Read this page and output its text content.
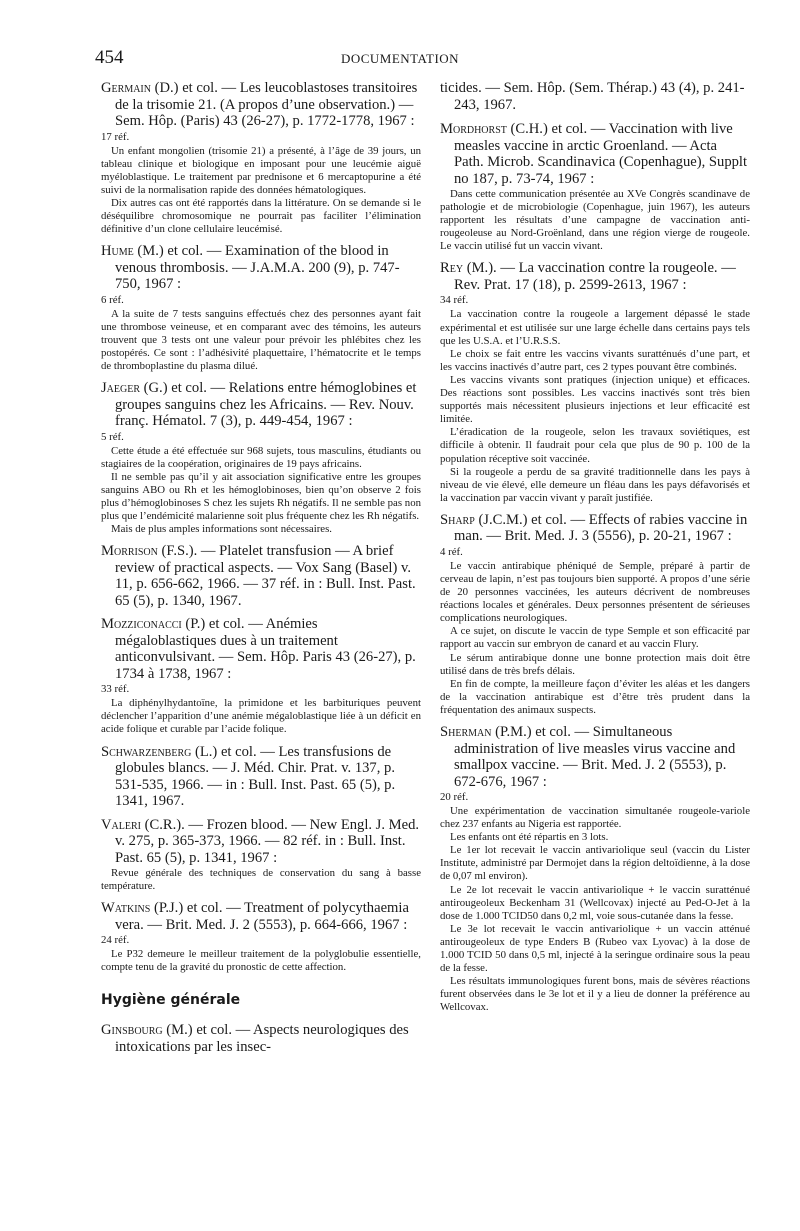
454	DOCUMENTATION

Germain (D.) et col. — Les leucoblastoses transitoires de la trisomie 21. (A propos d’une observation.) — Sem. Hôp. (Paris) 43 (26-27), p. 1772-1778, 1967 :

17 réf.

Un enfant mongolien (trisomie 21) a présenté, à l’âge de 39 jours, un tableau clinique et biologique en imposant pour une leucémie aiguë myéloblastique. Le traitement par prednisone et 6 mercaptopurine a été suivi de la normalisation rapide des données hématologiques.

Dix autres cas ont été rapportés dans la littérature. On se demande si le déséquilibre chromosomique ne pourrait pas faciliter l’élimination définitive d’un clone cellulaire leucémisé.

Hume (M.) et col. — Examination of the blood in venous thrombosis. — J.A.M.A. 200 (9), p. 747-750, 1967 :

6 réf.

A la suite de 7 tests sanguins effectués chez des personnes ayant fait une thrombose veineuse, et en comparant avec des témoins, les auteurs trouvent que 3 tests ont une valeur pour prévoir les phlébites chez les postopérés. Ce sont : l’adhésivité plaquettaire, l’hématocrite et le temps de thromboplastine du plasma dilué.

Jaeger (G.) et col. — Relations entre hémoglobines et groupes sanguins chez les Africains. — Rev. Nouv. franç. Hématol. 7 (3), p. 449-454, 1967 :

5 réf.

Cette étude a été effectuée sur 968 sujets, tous masculins, étudiants ou stagiaires de la coopération, originaires de 19 pays africains.

Il ne semble pas qu’il y ait association significative entre les groupes sanguins ABO ou Rh et les hémoglobinoses, bien qu’on observe 2 fois plus d’hémoglobinoses S chez les sujets Rh négatifs. Il ne semble pas non plus que l’endémicité malarienne soit plus fréquente chez les Rh négatifs.

Mais de plus amples informations sont nécessaires.

Morrison (F.S.). — Platelet transfusion — A brief review of practical aspects. — Vox Sang (Basel) v. 11, p. 656-662, 1966. — 37 réf. in : Bull. Inst. Past. 65 (5), p. 1340, 1967.

Mozziconacci (P.) et col. — Anémies mégaloblastiques dues à un traitement anticonvulsivant. — Sem. Hôp. Paris 43 (26-27), p. 1734 à 1738, 1967 :

33 réf.

La diphénylhydantoïne, la primidone et les barbituriques peuvent déclencher l’apparition d’une anémie mégaloblastique liée à un déficit en acide folique et curable par l’acide folique.

Schwarzenberg (L.) et col. — Les transfusions de globules blancs. — J. Méd. Chir. Prat. v. 137, p. 531-535, 1966. — in : Bull. Inst. Past. 65 (5), p. 1341, 1967.

Valeri (C.R.). — Frozen blood. — New Engl. J. Med. v. 275, p. 365-373, 1966. — 82 réf. in : Bull. Inst. Past. 65 (5), p. 1341, 1967 :

Revue générale des techniques de conservation du sang à basse température.

Watkins (P.J.) et col. — Treatment of polycythaemia vera. — Brit. Med. J. 2 (5553), p. 664-666, 1967 :

24 réf.

Le P32 demeure le meilleur traitement de la polyglobulie essentielle, compte tenu de la gravité du pronostic de cette affection.

Hygiène générale

Ginsbourg (M.) et col. — Aspects neurologiques des intoxications par les insec-

ticides. — Sem. Hôp. (Sem. Thérap.) 43 (4), p. 241-243, 1967.

Mordhorst (C.H.) et col. — Vaccination with live measles vaccine in arctic Groenland. — Acta Path. Microb. Scandinavica (Copenhague), Supplt no 187, p. 73-74, 1967 :

Dans cette communication présentée au XVe Congrès scandinave de pathologie et de microbiologie (Copenhague, juin 1967), les auteurs rapportent les résultats d’une campagne de vaccination anti-rougeoleuse au Nord-Groënland, dans une région vierge de rougeole. Le vaccin utilisé fut un vaccin vivant.

Rey (M.). — La vaccination contre la rougeole. — Rev. Prat. 17 (18), p. 2599-2613, 1967 :

34 réf.

La vaccination contre la rougeole a largement dépassé le stade expérimental et est utilisée sur une large échelle dans certains pays tels que les U.S.A. et l’U.R.S.S.

Le choix se fait entre les vaccins vivants suratténués d’une part, et les vaccins inactivés d’autre part, ces 2 types pouvant être combinés.

Les vaccins vivants sont pratiques (injection unique) et efficaces. Des réactions sont possibles. Les vaccins inactivés sont très bien supportés mais nécessitent plusieurs injections et leur efficacité est limitée.

L’éradication de la rougeole, selon les travaux soviétiques, est difficile à obtenir. Il faudrait pour cela que plus de 90 p. 100 de la population réceptive soit vaccinée.

Si la rougeole a perdu de sa gravité traditionnelle dans les pays à niveau de vie élevé, elle demeure un fléau dans les pays défavorisés et la vaccination par vaccin vivant y paraît justifiée.

Sharp (J.C.M.) et col. — Effects of rabies vaccine in man. — Brit. Med. J. 3 (5556), p. 20-21, 1967 :

4 réf.

Le vaccin antirabique phéniqué de Semple, préparé à partir de cerveau de lapin, n’est pas toujours bien supporté. A propos d’une série de 20 personnes vaccinées, les auteurs décrivent de nombreuses réactions locales et générales. Deux personnes présentent de sérieuses complications neurologiques.

A ce sujet, on discute le vaccin de type Semple et son efficacité par rapport au vaccin sur embryon de canard et au vaccin Flury.

Le sérum antirabique donne une bonne protection mais doit être utilisé dans de très brefs délais.

En fin de compte, la meilleure façon d’éviter les aléas et les dangers de la vaccination antirabique est d’être très prudent dans la fréquentation des animaux suspects.

Sherman (P.M.) et col. — Simultaneous administration of live measles virus vaccine and smallpox vaccine. — Brit. Med. J. 2 (5553), p. 672-676, 1967 :

20 réf.

Une expérimentation de vaccination simultanée rougeole-variole chez 237 enfants au Nigeria est rapportée.

Les enfants ont été répartis en 3 lots.

Le 1er lot recevait le vaccin antivariolique seul (vaccin du Lister Institute, administré par Dermojet dans la région deltoïdienne, à la dose de 0,07 ml environ).

Le 2e lot recevait le vaccin antivariolique + le vaccin suratténué antirougeoleux Beckenham 31 (Wellcovax) injecté au Ped-O-Jet à la dose de 1.000 TCID50 dans 0,2 ml, voie sous-cutanée dans la fesse.

Le 3e lot recevait le vaccin antivariolique + un vaccin atténué antirougeoleux de type Enders B (Rubeo vax Lyovac) à la dose de 1.000 TCID 50 dans 0,5 ml, injecté à la seringue ordinaire sous la peau de la fesse.

Les résultats immunologiques furent bons, mais de sévères réactions furent observées dans le 3e lot et il y a lieu de donner la préférence au Wellcovax.
